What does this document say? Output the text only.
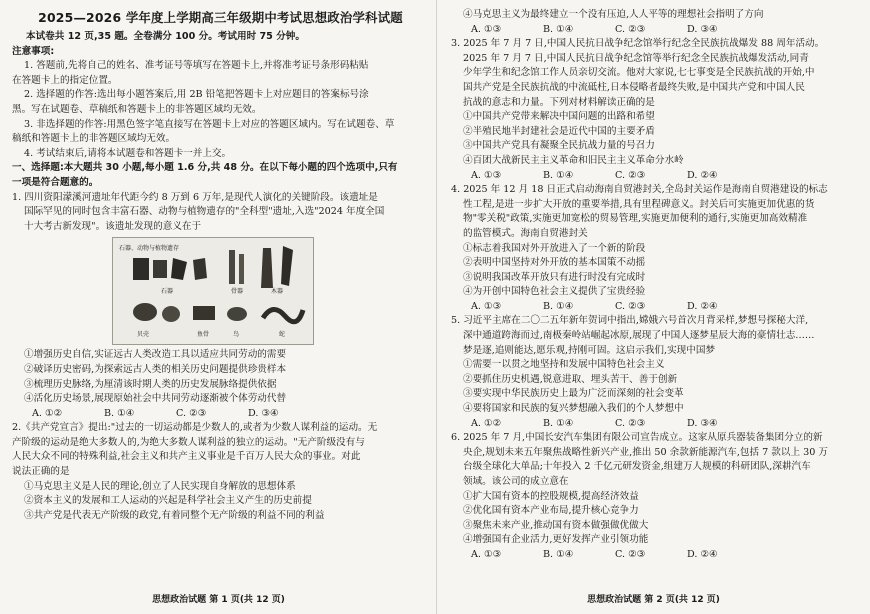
2025—2026 学年度上学期高三年级期中考试思想政治学科试题

本试卷共 12 页,35 题。全卷满分 100 分。考试用时 75 分钟。

注意事项:

1. 答题前,先将自己的姓名、准考证号等填写在答题卡上,并将准考证号条形码粘贴

在答题卡上的指定位置。

2. 选择题的作答:选出每小题答案后,用 2B 铅笔把答题卡上对应题目的答案标号涂

黑。写在试题卷、草稿纸和答题卡上的非答题区域均无效。

3. 非选择题的作答:用黑色签字笔直接写在答题卡上对应的答题区域内。写在试题卷、草

稿纸和答题卡上的非答题区域均无效。

4. 考试结束后,请将本试题卷和答题卡一并上交。

一、选择题:本大题共 30 小题,每小题 1.6 分,共 48 分。在以下每小题的四个选项中,只有

一项是符合题意的。

1. 四川资阳濛溪河遗址年代距今约 8 万到 6 万年,是现代人演化的关键阶段。该遗址是

国际罕见的同时包含丰富石器、动物与植物遗存的"全科型"遗址,入选"2024 年度全国

十大考古新发现"。该遗址发现的意义在于

石器、动物与植物遗存
石器	骨器	木器
贝壳	鱼骨	鸟	蛇

①增强历史自信,实证远古人类改造工具以适应共同劳动的需要

②破译历史密码,为探索远古人类的相关历史问题提供珍贵样本

③梳理历史脉络,为厘清该时期人类的历史发展脉络提供依据

④活化历史场景,展现原始社会中共同劳动逐渐被个体劳动代替

A. ①②	B. ①④	C. ②③	D. ③④

2.《共产党宣言》提出:"过去的一切运动都是少数人的,或者为少数人谋利益的运动。无

产阶级的运动是绝大多数人的,为绝大多数人谋利益的独立的运动。"无产阶级没有与

人民大众不同的特殊利益,社会主义和共产主义事业是千百万人民大众的事业。对此

说法正确的是

①马克思主义是人民的理论,创立了人民实现自身解放的思想体系

②资本主义的发展和工人运动的兴起是科学社会主义产生的历史前提

③共产党是代表无产阶级的政党,有着同整个无产阶级的利益不同的利益

思想政治试题 第 1 页(共 12 页)

④马克思主义为最终建立一个没有压迫,人人平等的理想社会指明了方向

A. ①③	B. ①④	C. ②③	D. ③④

3. 2025 年 7 月 7 日,中国人民抗日战争纪念馆举行纪念全民族抗战爆发 88 周年活动。

2025 年 7 月 7 日,中国人民抗日战争纪念馆等举行纪念全民族抗战爆发活动,同青

少年学生和纪念馆工作人员亲切交流。他对大家说,七七事变是全民族抗战的开始,中

国共产党是全民族抗战的中流砥柱,日本侵略者最终失败,是中国共产党和中国人民

抗战的意志和力量。下列对材料解读正确的是

①中国共产党带来解决中国问题的出路和希望

②半殖民地半封建社会是近代中国的主要矛盾

③中国共产党具有凝聚全民抗战力量的号召力

④百团大战新民主主义革命和旧民主主义革命分水岭

A. ①③	B. ①④	C. ②③	D. ②④

4. 2025 年 12 月 18 日正式启动海南自贸港封关,全岛封关运作是海南自贸港建设的标志

性工程,是进一步扩大开放的重要举措,具有里程碑意义。封关后可实施更加优惠的货

物"零关税"政策,实施更加宽松的贸易管理,实施更加便利的通行,实施更加高效精准

的监管模式。海南自贸港封关

①标志着我国对外开放进入了一个新的阶段

②表明中国坚持对外开放的基本国策不动摇

③说明我国改革开放只有进行时没有完成时

④为开创中国特色社会主义提供了宝贵经验

A. ①③	B. ①④	C. ②③	D. ②④

5. 习近平主席在二〇二五年新年贺词中指出,嫦娥六号首次月背采样,梦想号探秘大洋,

深中通道跨海而过,南极秦岭站崛起冰原,展现了中国人逐梦星辰大海的豪情壮志……

梦是逐,追则能达,愿乐观,持刚可固。这启示我们,实现中国梦

①需要一以贯之地坚持和发展中国特色社会主义

②要抓住历史机遇,锐意进取、埋头苦干、善于创新

③要实现中华民族历史上最为广泛而深刻的社会变革

④要将国家和民族的复兴梦想融入我们的个人梦想中

A. ①②	B. ①④	C. ②③	D. ③④

6. 2025 年 7 月,中国长安汽车集团有限公司宣告成立。这家从原兵器装备集团分立的新

央企,规划未来五年聚焦战略性新兴产业,推出 50 余款新能源汽车,包括 7 款以上 30 万

台级全球化大单品;十年投入 2 千亿元研发资金,组建万人规模的科研团队,深耕汽车

领域。该公司的成立意在

①扩大国有资本的控股规模,提高经济效益

②优化国有资本产业布局,提升核心竞争力

③聚焦未来产业,推动国有资本做强做优做大

④增强国有企业活力,更好发挥产业引领功能

A. ①③	B. ①④	C. ②③	D. ②④
思想政治试题 第 2 页(共 12 页)
